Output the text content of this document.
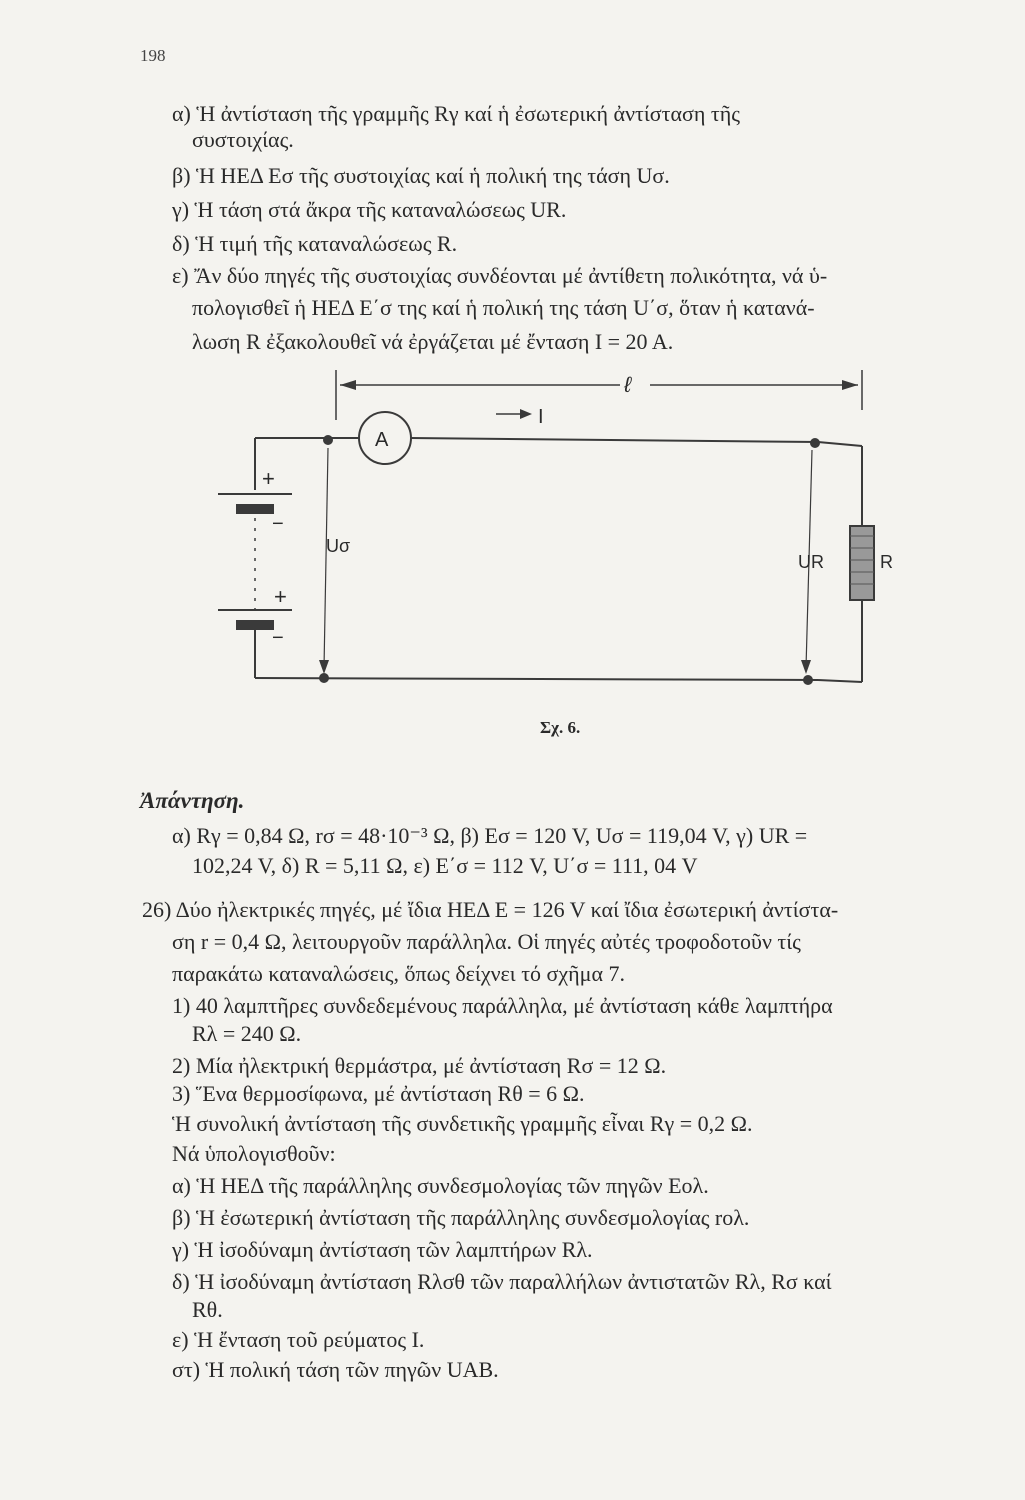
198
α) Ἡ ἀντίσταση τῆς γραμμῆς Rγ καί ἡ ἐσωτερική ἀντίσταση τῆς
συστοιχίας.
β) Ἡ ΗΕΔ Eσ τῆς συστοιχίας καί ἡ πολική της τάση Uσ.
γ) Ἡ τάση στά ἄκρα τῆς καταναλώσεως UR.
δ) Ἡ τιμή τῆς καταναλώσεως R.
ε) Ἄν δύο πηγές τῆς συστοιχίας συνδέονται μέ ἀντίθετη πολικότητα, νά ὑ-
πολογισθεῖ ἡ ΗΕΔ E΄σ της καί ἡ πολική της τάση U΄σ, ὅταν ἡ κατανά-
λωση R ἐξακολουθεῖ νά ἐργάζεται μέ ἔνταση I = 20 A.
A
ℓ
I
+
−
+
−
Uσ
UR	R
Σχ. 6.
Ἀπάντηση.
α) Rγ = 0,84 Ω, rσ = 48·10⁻³ Ω, β) Eσ = 120 V, Uσ = 119,04 V, γ) UR =
102,24 V, δ) R = 5,11 Ω, ε) E΄σ = 112 V, U΄σ = 111, 04 V
26) Δύο ἠλεκτρικές πηγές, μέ ἴδια ΗΕΔ E = 126 V καί ἴδια ἐσωτερική ἀντίστα-
ση r = 0,4 Ω, λειτουργοῦν παράλληλα. Οἱ πηγές αὐτές τροφοδοτοῦν τίς
παρακάτω καταναλώσεις, ὅπως δείχνει τό σχῆμα 7.
1) 40 λαμπτῆρες συνδεδεμένους παράλληλα, μέ ἀντίσταση κάθε λαμπτήρα
Rλ = 240 Ω.
2) Μία ἠλεκτρική θερμάστρα, μέ ἀντίσταση Rσ = 12 Ω.
3) Ἕνα θερμοσίφωνα, μέ ἀντίσταση Rθ = 6 Ω.
Ἡ συνολική ἀντίσταση τῆς συνδετικῆς γραμμῆς εἶναι Rγ = 0,2 Ω.
Νά ὑπολογισθοῦν:
α) Ἡ ΗΕΔ τῆς παράλληλης συνδεσμολογίας τῶν πηγῶν Eολ.
β) Ἡ ἐσωτερική ἀντίσταση τῆς παράλληλης συνδεσμολογίας rολ.
γ) Ἡ ἰσοδύναμη ἀντίσταση τῶν λαμπτήρων Rλ.
δ) Ἡ ἰσοδύναμη ἀντίσταση Rλσθ τῶν παραλλήλων ἀντιστατῶν Rλ, Rσ καί
Rθ.
ε) Ἡ ἔνταση τοῦ ρεύματος I.
στ) Ἡ πολική τάση τῶν πηγῶν UAB.
